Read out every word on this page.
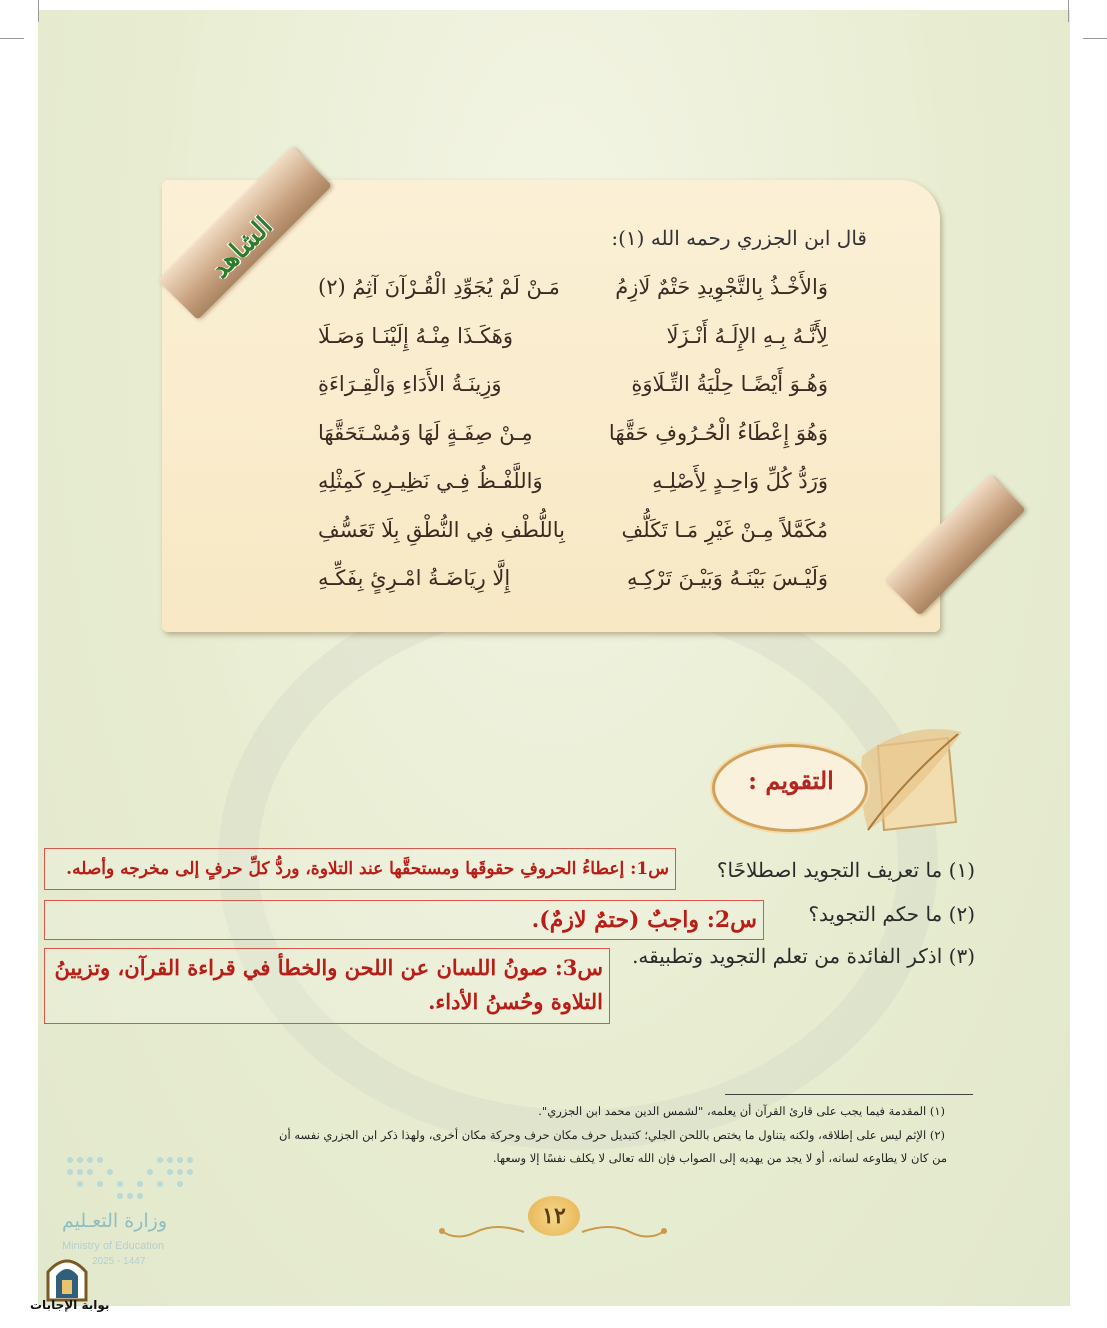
الشاهد	قال ابن الجزري رحمه الله (١):
وَالأَخْـذُ بِالتَّجْوِيدِ حَتْمٌ لَازِمُ
مَـنْ لَمْ يُجَوِّدِ الْقُـرْآنَ آثِمُ (٢)
لِأَنَّـهُ بِـهِ الإِلَـهُ أَنْـزَلَا
وَهَكَـذَا مِنْـهُ إِلَيْنَـا وَصَـلَا
وَهُـوَ أَيْضًـا حِلْيَةُ التِّـلَاوَةِ
وَزِينَـةُ الأَدَاءِ وَالْقِـرَاءَةِ
وَهُوَ إِعْطَاءُ الْحُـرُوفِ حَقَّهَا
مِـنْ صِفَـةٍ لَهَا وَمُسْـتَحَقَّهَا
وَرَدُّ كُلِّ وَاحِـدٍ لِأَصْلِـهِ
وَاللَّفْـظُ فِـي نَظِيـرِهِ كَمِثْلِهِ
مُكَمَّلاً مِـنْ غَيْرِ مَـا تَكَلُّفِ
بِاللُّطْفِ فِي النُّطْقِ بِلَا تَعَسُّفِ
وَلَيْـسَ بَيْنَـهُ وَبَيْـنَ تَرْكِـهِ
إِلَّا رِيَاضَـةُ امْـرِئٍ بِفَكِّـهِ
التقويم :
(١) ما تعريف التجويد اصطلاحًا؟
(٢) ما حكم التجويد؟
(٣) اذكر الفائدة من تعلم التجويد وتطبيقه.
س1: إعطاءُ الحروفِ حقوقَها ومستحقَّها عند التلاوة، وردُّ كلِّ حرفٍ إلى مخرجه وأصله.
س2: واجبٌ (حتمٌ لازمٌ).
س3: صونُ اللسان عن اللحن والخطأ في قراءة القرآن، وتزيينُ التلاوة وحُسنُ الأداء.
(١) المقدمة فيما يجب على قارئ القرآن أن يعلمه، "لشمس الدين محمد ابن الجزري".
(٢) الإثم ليس على إطلاقه، ولكنه يتناول ما يختص باللحن الجلي؛ كتبديل حرف مكان حرف وحركة مكان أخرى، ولهذا ذكر ابن الجزري نفسه أن
من كان لا يطاوعه لسانه، أو لا يجد من يهديه إلى الصواب فإن الله تعالى لا يكلف نفسًا إلا وسعها.
١٢
وزارة التعـليم
Ministry of Education
2025 - 1447
بوابة الإجابات
